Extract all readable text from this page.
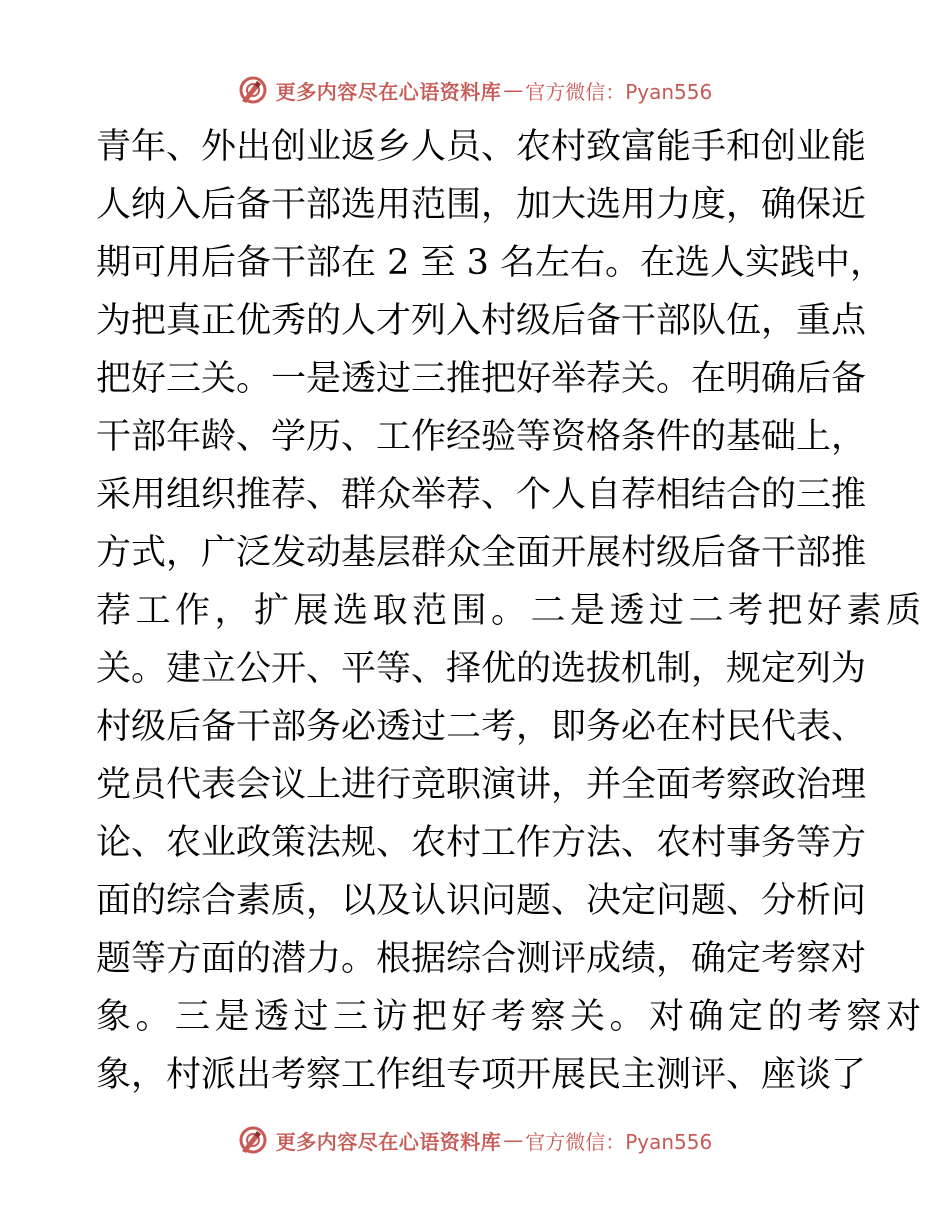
更多内容尽在心语资料库 — 官方微信：Pyan556
青年、外出创业返乡人员、农村致富能手和创业能
人纳入后备干部选用范围，加大选用力度，确保近
期可用后备干部在 2 至 3 名左右。在选人实践中，
为把真正优秀的人才列入村级后备干部队伍，重点
把好三关。一是透过三推把好举荐关。在明确后备
干部年龄、学历、工作经验等资格条件的基础上，
采用组织推荐、群众举荐、个人自荐相结合的三推
方式，广泛发动基层群众全面开展村级后备干部推
荐工作，扩展选取范围。二是透过二考把好素质
关。建立公开、平等、择优的选拔机制，规定列为
村级后备干部务必透过二考，即务必在村民代表、
党员代表会议上进行竞职演讲，并全面考察政治理
论、农业政策法规、农村工作方法、农村事务等方
面的综合素质，以及认识问题、决定问题、分析问
题等方面的潜力。根据综合测评成绩，确定考察对
象。三是透过三访把好考察关。对确定的考察对
象，村派出考察工作组专项开展民主测评、座谈了
更多内容尽在心语资料库 — 官方微信：Pyan556
